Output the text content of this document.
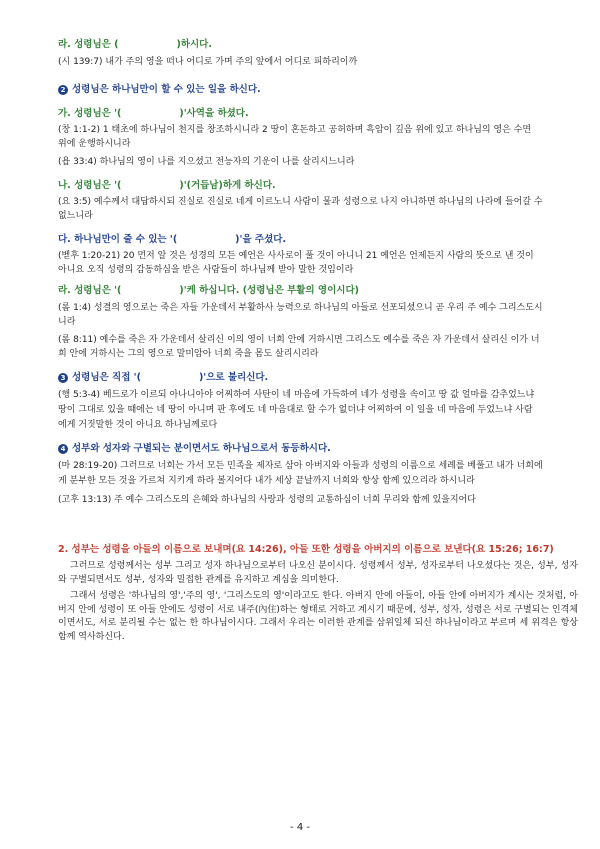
라. 성령님은 (	)하시다.
(시 139:7) 내가 주의 영을 떠나 어디로 가며 주의 앞에서 어디로 피하리이까
2 성령님은 하나님만이 할 수 있는 일을 하신다.
가. 성령님은 '(	)'사역을 하셨다.
(창 1:1-2) 1 태초에 하나님이 천지를 창조하시니라 2 땅이 혼돈하고 공허하며 흑암이 깊음 위에 있고 하나님의 영은 수면
위에 운행하시니라
(욥 33:4) 하나님의 영이 나를 지으셨고 전능자의 기운이 나를 살리시느니라
나. 성령님은 '(	)'(거듭남)하게 하신다.
(요 3:5) 예수께서 대답하시되 진실로 진실로 네게 이르노니 사람이 물과 성령으로 나지 아니하면 하나님의 나라에 들어갈 수
없느니라
다. 하나님만이 줄 수 있는 '(	)'을 주셨다.
(벧후 1:20-21) 20 먼저 알 것은 성경의 모든 예언은 사사로이 풀 것이 아니니 21 예언은 언제든지 사람의 뜻으로 낸 것이
아니요 오직 성령의 감동하심을 받은 사람들이 하나님께 받아 말한 것임이라
라. 성령님은 '(	)'케 하십니다. (성령님은 부활의 영이시다)
(롬 1:4) 성결의 영으로는 죽은 자들 가운데서 부활하사 능력으로 하나님의 아들로 선포되셨으니 곧 우리 주 예수 그리스도시
니라
(롬 8:11) 예수를 죽은 자 가운데서 살리신 이의 영이 너희 안에 거하시면 그리스도 예수를 죽은 자 가운데서 살리신 이가 너
희 안에 거하시는 그의 영으로 말미암아 너희 죽을 몸도 살리시리라
3 성령님은 직접 '(	)'으로 불리신다.
(행 5:3-4) 베드로가 이르되 아나니아야 어찌하여 사탄이 네 마음에 가득하여 네가 성령을 속이고 땅 값 얼마를 감추었느냐
땅이 그대로 있을 때에는 네 땅이 아니며 판 후에도 네 마음대로 할 수가 없더냐 어찌하여 이 일을 네 마음에 두었느냐 사람
에게 거짓말한 것이 아니요 하나님께로다
4 성부와 성자와 구별되는 분이면서도 하나님으로서 동등하시다.
(마 28:19-20) 그러므로 너희는 가서 모든 민족을 제자로 삼아 아버지와 아들과 성령의 이름으로 세례를 베풀고 내가 너희에
게 분부한 모든 것을 가르쳐 지키게 하라 볼지어다 내가 세상 끝날까지 너희와 항상 함께 있으리라 하시니라
(고후 13:13) 주 예수 그리스도의 은혜와 하나님의 사랑과 성령의 교통하심이 너희 무리와 함께 있을지어다
2. 성부는 성령을 아들의 이름으로 보내며(요 14:26), 아들 또한 성령을 아버지의 이름으로 보낸다(요 15:26; 16:7)
그러므로 성령께서는 성부 그리고 성자 하나님으로부터 나오신 분이시다. 성령께서 성부, 성자로부터 나오셨다는 것은, 성부, 성자와 구별되면서도 성부, 성자와 밀접한 관계를 유지하고 계심을 의미한다.
그래서 성령은 '하나님의 영','주의 영', '그리스도의 영'이라고도 한다. 아버지 안에 아들이, 아들 안에 아버지가 계시는 것처럼, 아버지 안에 성령이 또 아들 안에도 성령이 서로 내주(內住)하는 형태로 거하고 계시기 때문에, 성부, 성자, 성령은 서로 구별되는 인격체이면서도, 서로 분리될 수는 없는 한 하나님이시다. 그래서 우리는 이러한 관계를 삼위일체 되신 하나님이라고 부르며 세 위격은 항상 함께 역사하신다.
- 4 -
